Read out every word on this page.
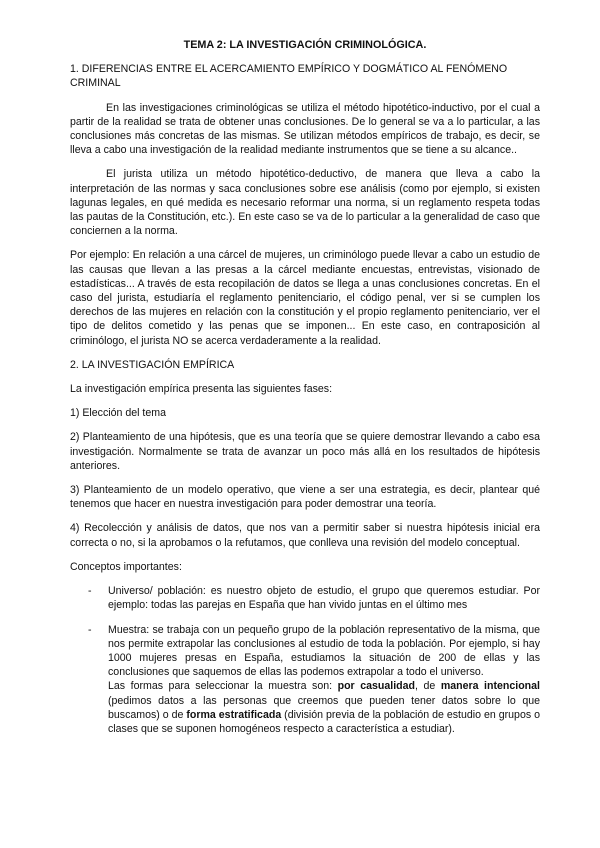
TEMA 2: LA INVESTIGACIÓN CRIMINOLÓGICA.
1. DIFERENCIAS ENTRE EL ACERCAMIENTO EMPÍRICO Y DOGMÁTICO AL FENÓMENO CRIMINAL

En las investigaciones criminológicas se utiliza el método hipotético-inductivo, por el cual a partir de la realidad se trata de obtener unas conclusiones. De lo general se va a lo particular, a las conclusiones más concretas de las mismas. Se utilizan métodos empíricos de trabajo, es decir, se lleva a cabo una investigación de la realidad mediante instrumentos que se tiene a su alcance..

El jurista utiliza un método hipotético-deductivo, de manera que lleva a cabo la interpretación de las normas y saca conclusiones sobre ese análisis (como por ejemplo, si existen lagunas legales, en qué medida es necesario reformar una norma, si un reglamento respeta todas las pautas de la Constitución, etc.). En este caso se va de lo particular a la generalidad de caso que conciernen a la norma.

Por ejemplo: En relación a una cárcel de mujeres, un criminólogo puede llevar a cabo un estudio de las causas que llevan a las presas a la cárcel mediante encuestas, entrevistas, visionado de estadísticas... A través de esta recopilación de datos se llega a unas conclusiones concretas. En el caso del jurista, estudiaría el reglamento penitenciario, el código penal, ver si se cumplen los derechos de las mujeres en relación con la constitución y el propio reglamento penitenciario, ver el tipo de delitos cometido y las penas que se imponen... En este caso, en contraposición al criminólogo, el jurista NO se acerca verdaderamente a la realidad.

2. LA INVESTIGACIÓN EMPÍRICA

La investigación empírica presenta las siguientes fases:

1) Elección del tema

2) Planteamiento de una hipótesis, que es una teoría que se quiere demostrar llevando a cabo esa investigación. Normalmente se trata de avanzar un poco más allá en los resultados de hipótesis anteriores.

3) Planteamiento de un modelo operativo, que viene a ser una estrategia, es decir, plantear qué tenemos que hacer en nuestra investigación para poder demostrar una teoría.

4) Recolección y análisis de datos, que nos van a permitir saber si nuestra hipótesis inicial era correcta o no, si la aprobamos o la refutamos, que conlleva una revisión del modelo conceptual.

Conceptos importantes:

- Universo/ población: es nuestro objeto de estudio, el grupo que queremos estudiar. Por ejemplo: todas las parejas en España que han vivido juntas en el último mes

- Muestra: se trabaja con un pequeño grupo de la población representativo de la misma, que nos permite extrapolar las conclusiones al estudio de toda la población. Por ejemplo, si hay 1000 mujeres presas en España, estudiamos la situación de 200 de ellas y las conclusiones que saquemos de ellas las podemos extrapolar a todo el universo.

Las formas para seleccionar la muestra son: por casualidad, de manera intencional (pedimos datos a las personas que creemos que pueden tener datos sobre lo que buscamos) o de forma estratificada (división previa de la población de estudio en grupos o clases que se suponen homogéneos respecto a característica a estudiar).
